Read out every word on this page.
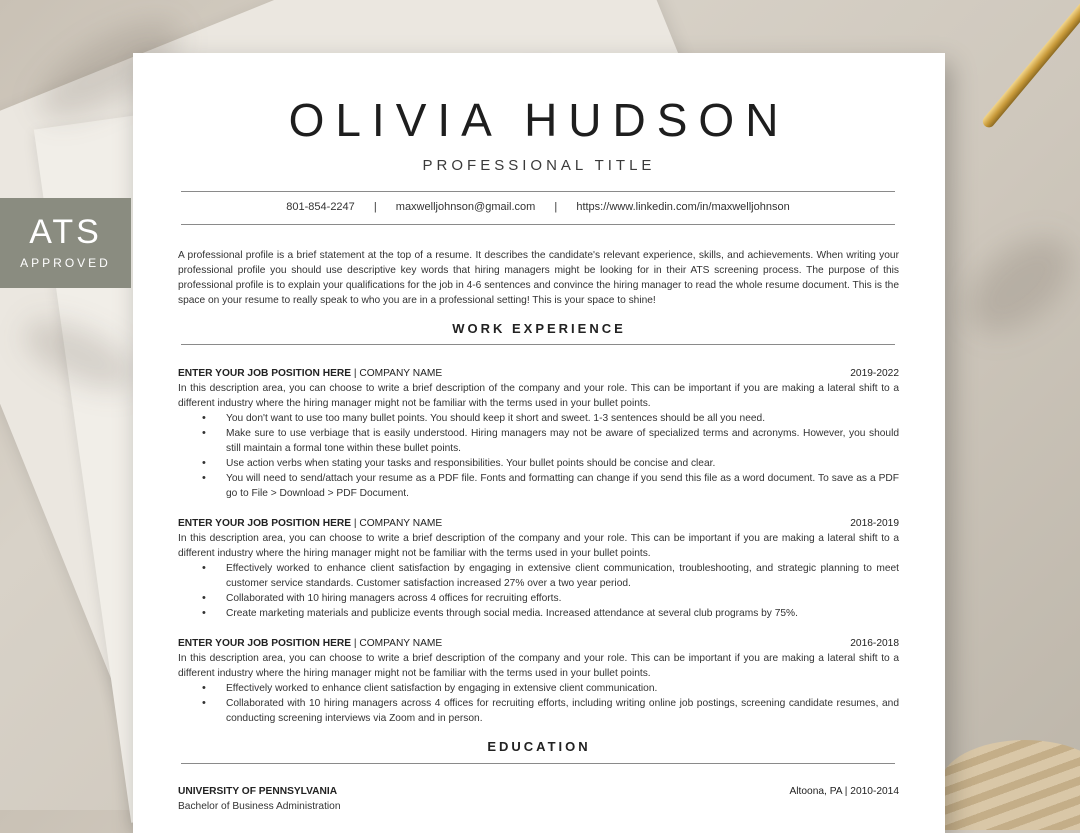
OLIVIA HUDSON
PROFESSIONAL TITLE
801-854-2247 | maxwelljohnson@gmail.com | https://www.linkedin.com/in/maxwelljohnson
A professional profile is a brief statement at the top of a resume. It describes the candidate's relevant experience, skills, and achievements. When writing your professional profile you should use descriptive key words that hiring managers might be looking for in their ATS screening process. The purpose of this professional profile is to explain your qualifications for the job in 4-6 sentences and convince the hiring manager to read the whole resume document. This is the space on your resume to really speak to who you are in a professional setting! This is your space to shine!
WORK EXPERIENCE
ENTER YOUR JOB POSITION HERE | COMPANY NAME	2019-2022
In this description area, you can choose to write a brief description of the company and your role. This can be important if you are making a lateral shift to a different industry where the hiring manager might not be familiar with the terms used in your bullet points.
• You don't want to use too many bullet points. You should keep it short and sweet. 1-3 sentences should be all you need.
• Make sure to use verbiage that is easily understood. Hiring managers may not be aware of specialized terms and acronyms. However, you should still maintain a formal tone within these bullet points.
• Use action verbs when stating your tasks and responsibilities. Your bullet points should be concise and clear.
• You will need to send/attach your resume as a PDF file. Fonts and formatting can change if you send this file as a word document. To save as a PDF go to File > Download > PDF Document.
ENTER YOUR JOB POSITION HERE | COMPANY NAME	2018-2019
In this description area, you can choose to write a brief description of the company and your role. This can be important if you are making a lateral shift to a different industry where the hiring manager might not be familiar with the terms used in your bullet points.
• Effectively worked to enhance client satisfaction by engaging in extensive client communication, troubleshooting, and strategic planning to meet customer service standards. Customer satisfaction increased 27% over a two year period.
• Collaborated with 10 hiring managers across 4 offices for recruiting efforts.
• Create marketing materials and publicize events through social media. Increased attendance at several club programs by 75%.
ENTER YOUR JOB POSITION HERE | COMPANY NAME	2016-2018
In this description area, you can choose to write a brief description of the company and your role. This can be important if you are making a lateral shift to a different industry where the hiring manager might not be familiar with the terms used in your bullet points.
• Effectively worked to enhance client satisfaction by engaging in extensive client communication.
• Collaborated with 10 hiring managers across 4 offices for recruiting efforts, including writing online job postings, screening candidate resumes, and conducting screening interviews via Zoom and in person.
EDUCATION
UNIVERSITY OF PENNSYLVANIA	Altoona, PA | 2010-2014
Bachelor of Business Administration
ATS
APPROVED
